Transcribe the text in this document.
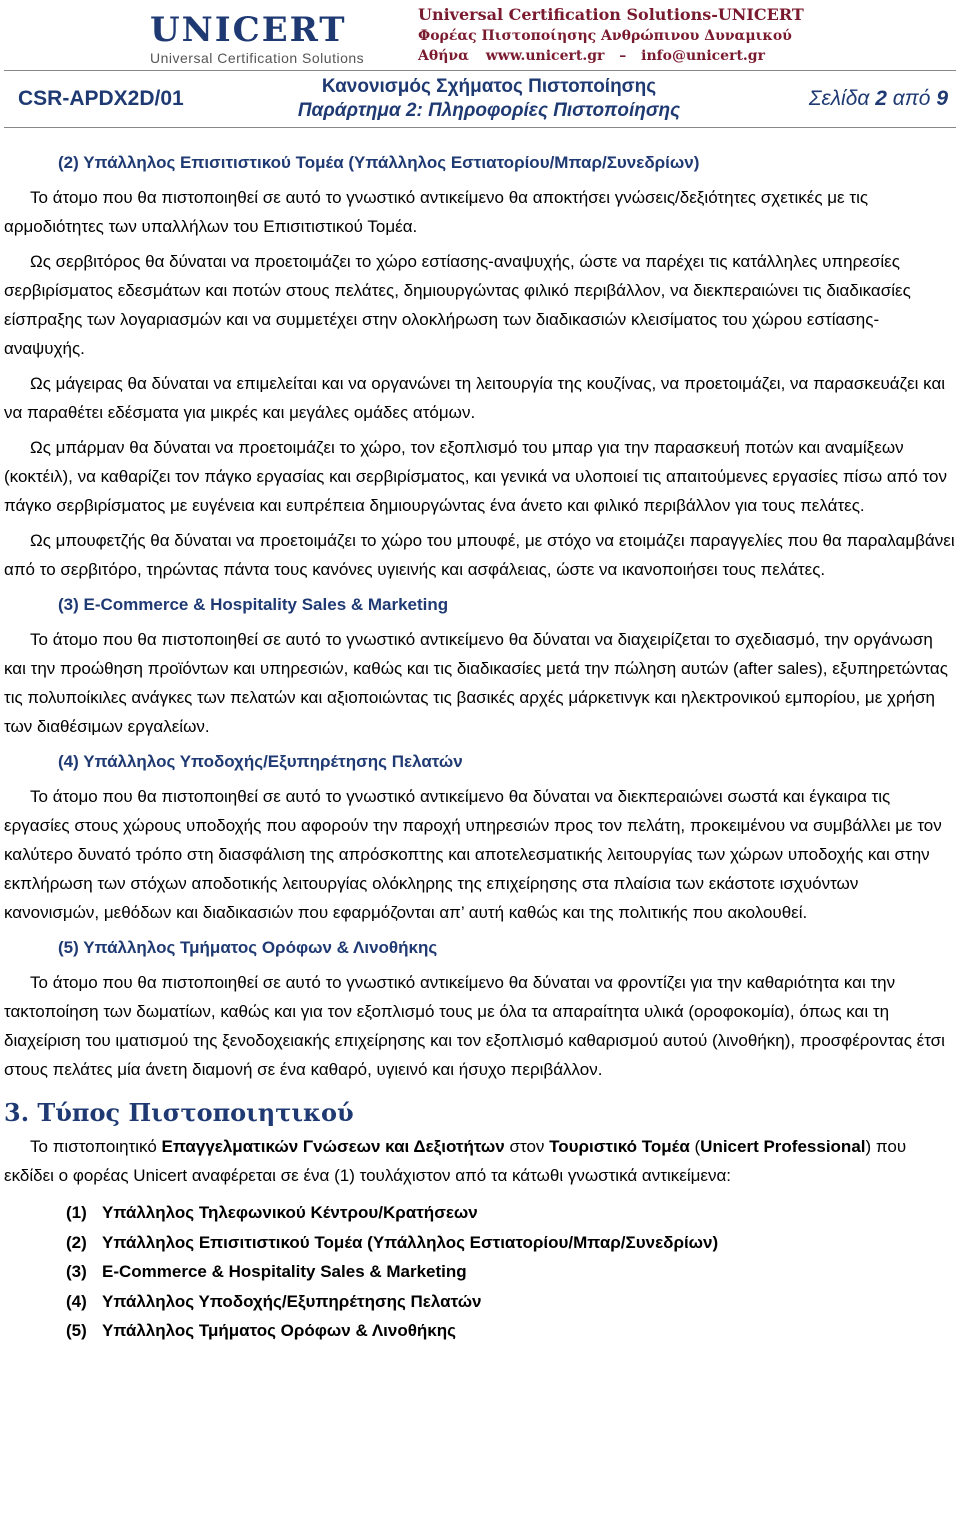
UNICERT
Universal Certification Solutions
Universal Certification Solutions-UNICERT
Φορέας Πιστοποίησης Ανθρώπινου Δυναμικού
Αθήνα www.unicert.gr – info@unicert.gr
CSR-APDX2D/01
Κανονισμός Σχήματος Πιστοποίησης
Παράρτημα 2: Πληροφορίες Πιστοποίησης
Σελίδα 2 από 9
(2) Υπάλληλος Επισιτιστικού Τομέα (Υπάλληλος Εστιατορίου/Μπαρ/Συνεδρίων)

Το άτομο που θα πιστοποιηθεί σε αυτό το γνωστικό αντικείμενο θα αποκτήσει γνώσεις/δεξιότητες σχετικές με τις αρμοδιότητες των υπαλλήλων του Επισιτιστικού Τομέα.

Ως σερβιτόρος θα δύναται να προετοιμάζει το χώρο εστίασης-αναψυχής, ώστε να παρέχει τις κατάλληλες υπηρεσίες σερβιρίσματος εδεσμάτων και ποτών στους πελάτες, δημιουργώντας φιλικό περιβάλλον, να διεκπεραιώνει τις διαδικασίες είσπραξης των λογαριασμών και να συμμετέχει στην ολοκλήρωση των διαδικασιών κλεισίματος του χώρου εστίασης-αναψυχής.

Ως μάγειρας θα δύναται να επιμελείται και να οργανώνει τη λειτουργία της κουζίνας, να προετοιμάζει, να παρασκευάζει και να παραθέτει εδέσματα για μικρές και μεγάλες ομάδες ατόμων.

Ως μπάρμαν θα δύναται να προετοιμάζει το χώρο, τον εξοπλισμό του μπαρ για την παρασκευή ποτών και αναμίξεων (κοκτέιλ), να καθαρίζει τον πάγκο εργασίας και σερβιρίσματος, και γενικά να υλοποιεί τις απαιτούμενες εργασίες πίσω από τον πάγκο σερβιρίσματος με ευγένεια και ευπρέπεια δημιουργώντας ένα άνετο και φιλικό περιβάλλον για τους πελάτες.

Ως μπουφετζής θα δύναται να προετοιμάζει το χώρο του μπουφέ, με στόχο να ετοιμάζει παραγγελίες που θα παραλαμβάνει από το σερβιτόρο, τηρώντας πάντα τους κανόνες υγιεινής και ασφάλειας, ώστε να ικανοποιήσει τους πελάτες.

(3) E-Commerce & Hospitality Sales & Marketing

Το άτομο που θα πιστοποιηθεί σε αυτό το γνωστικό αντικείμενο θα δύναται να διαχειρίζεται το σχεδιασμό, την οργάνωση και την προώθηση προϊόντων και υπηρεσιών, καθώς και τις διαδικασίες μετά την πώληση αυτών (after sales), εξυπηρετώντας τις πολυποίκιλες ανάγκες των πελατών και αξιοποιώντας τις βασικές αρχές μάρκετινγκ και ηλεκτρονικού εμπορίου, με χρήση των διαθέσιμων εργαλείων.

(4) Υπάλληλος Υποδοχής/Εξυπηρέτησης Πελατών

Το άτομο που θα πιστοποιηθεί σε αυτό το γνωστικό αντικείμενο θα δύναται να διεκπεραιώνει σωστά και έγκαιρα τις εργασίες στους χώρους υποδοχής που αφορούν την παροχή υπηρεσιών προς τον πελάτη, προκειμένου να συμβάλλει με τον καλύτερο δυνατό τρόπο στη διασφάλιση της απρόσκοπτης και αποτελεσματικής λειτουργίας των χώρων υποδοχής και στην εκπλήρωση των στόχων αποδοτικής λειτουργίας ολόκληρης της επιχείρησης στα πλαίσια των εκάστοτε ισχυόντων κανονισμών, μεθόδων και διαδικασιών που εφαρμόζονται απ’ αυτή καθώς και της πολιτικής που ακολουθεί.

(5) Υπάλληλος Τμήματος Ορόφων & Λινοθήκης

Το άτομο που θα πιστοποιηθεί σε αυτό το γνωστικό αντικείμενο θα δύναται να φροντίζει για την καθαριότητα και την τακτοποίηση των δωματίων, καθώς και για τον εξοπλισμό τους με όλα τα απαραίτητα υλικά (οροφοκομία), όπως και τη διαχείριση του ιματισμού της ξενοδοχειακής επιχείρησης και τον εξοπλισμό καθαρισμού αυτού (λινοθήκη), προσφέροντας έτσι στους πελάτες μία άνετη διαμονή σε ένα καθαρό, υγιεινό και ήσυχο περιβάλλον.

3. Τύπος Πιστοποιητικού

Το πιστοποιητικό Επαγγελματικών Γνώσεων και Δεξιοτήτων στον Τουριστικό Τομέα (Unicert Professional) που εκδίδει ο φορέας Unicert αναφέρεται σε ένα (1) τουλάχιστον από τα κάτωθι γνωστικά αντικείμενα:

(1) Υπάλληλος Τηλεφωνικού Κέντρου/Κρατήσεων
(2) Υπάλληλος Επισιτιστικού Τομέα (Υπάλληλος Εστιατορίου/Μπαρ/Συνεδρίων)
(3) E-Commerce & Hospitality Sales & Marketing
(4) Υπάλληλος Υποδοχής/Εξυπηρέτησης Πελατών
(5) Υπάλληλος Τμήματος Ορόφων & Λινοθήκης
